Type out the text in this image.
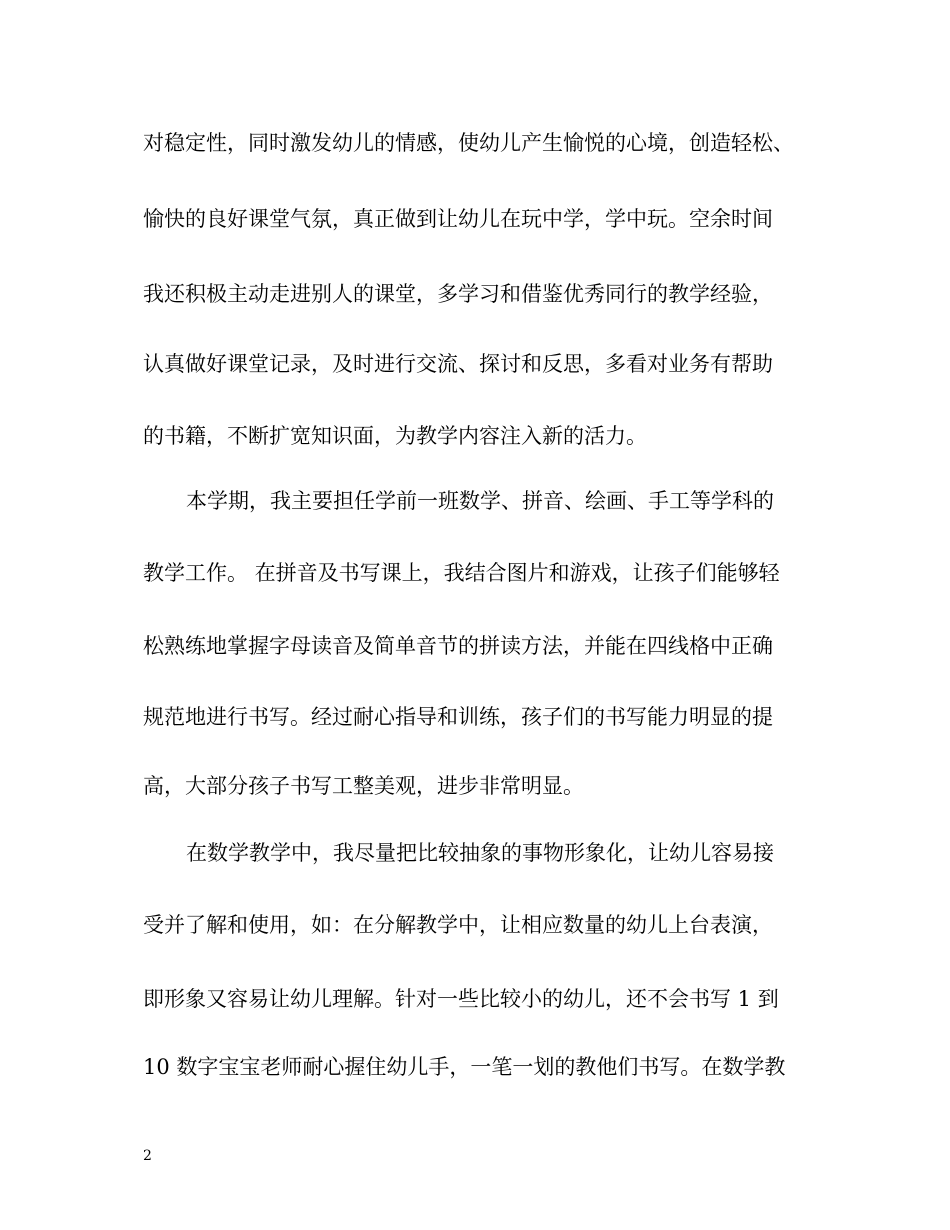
对稳定性，同时激发幼儿的情感，使幼儿产生愉悦的心境，创造轻松、
愉快的良好课堂气氛，真正做到让幼儿在玩中学，学中玩。空余时间
我还积极主动走进别人的课堂，多学习和借鉴优秀同行的教学经验，
认真做好课堂记录，及时进行交流、探讨和反思，多看对业务有帮助
的书籍，不断扩宽知识面，为教学内容注入新的活力。
本学期，我主要担任学前一班数学、拼音、绘画、手工等学科的
教学工作。 在拼音及书写课上，我结合图片和游戏，让孩子们能够轻
松熟练地掌握字母读音及简单音节的拼读方法，并能在四线格中正确
规范地进行书写。经过耐心指导和训练，孩子们的书写能力明显的提
高，大部分孩子书写工整美观，进步非常明显。
在数学教学中，我尽量把比较抽象的事物形象化，让幼儿容易接
受并了解和使用，如：在分解教学中，让相应数量的幼儿上台表演，
即形象又容易让幼儿理解。针对一些比较小的幼儿，还不会书写 1 到
10 数字宝宝老师耐心握住幼儿手，一笔一划的教他们书写。在数学教
2
